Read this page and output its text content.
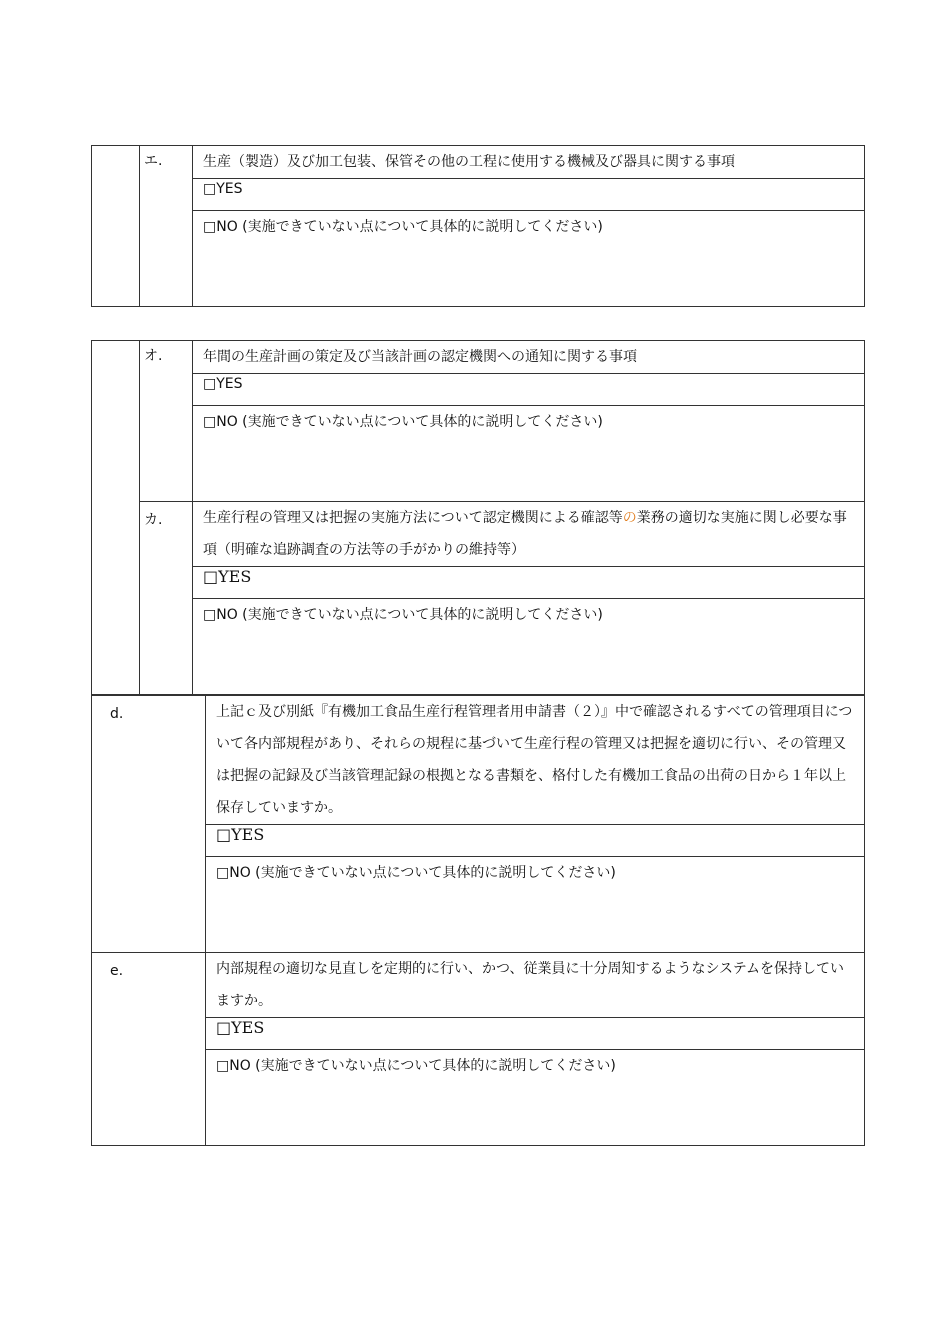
	エ.	生産（製造）及び加工包装、保管その他の工程に使用する機械及び器具に関する事項
□YES
□NO (実施できていない点について具体的に説明してください)
	オ.	年間の生産計画の策定及び当該計画の認定機関への通知に関する事項
		□YES
		□NO (実施できていない点について具体的に説明してください)
	カ.	生産行程の管理又は把握の実施方法について認定機関による確認等の業務の適切な実施に関し必要な事項（明確な追跡調査の方法等の手がかりの維持等）
		□YES
		□NO (実施できていない点について具体的に説明してください)
d.	上記ｃ及び別紙『有機加工食品生産行程管理者用申請書（２）』中で確認されるすべての管理項目について各内部規程があり、それらの規程に基づいて生産行程の管理又は把握を適切に行い、その管理又は把握の記録及び当該管理記録の根拠となる書類を、格付した有機加工食品の出荷の日から１年以上保存していますか。
	□YES
	□NO (実施できていない点について具体的に説明してください)
e.	内部規程の適切な見直しを定期的に行い、かつ、従業員に十分周知するようなシステムを保持していますか。
	□YES
	□NO (実施できていない点について具体的に説明してください)
